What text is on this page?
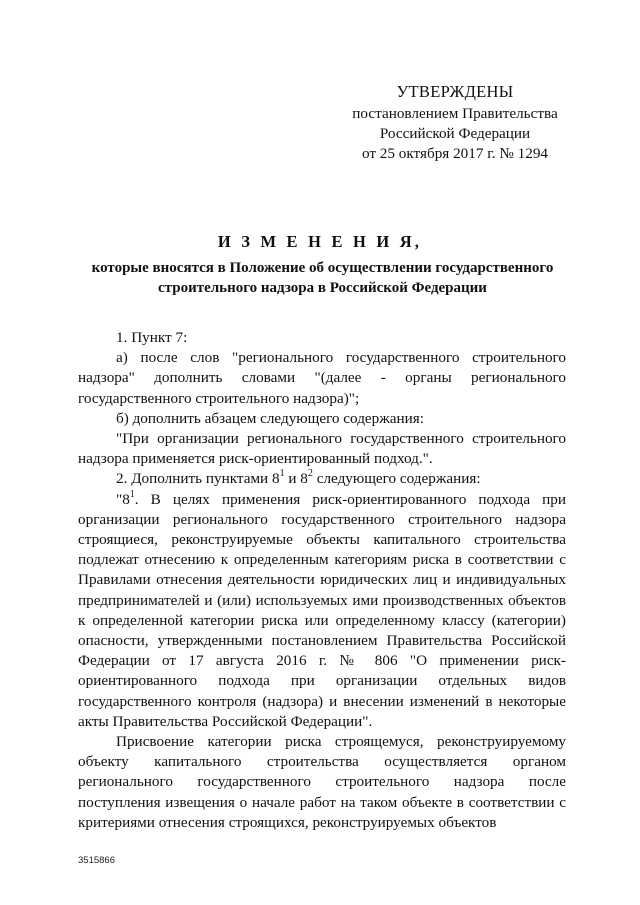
УТВЕРЖДЕНЫ
постановлением Правительства
Российской Федерации
от 25 октября 2017 г. № 1294
И З М Е Н Е Н И Я,
которые вносятся в Положение об осуществлении государственного строительного надзора в Российской Федерации

1. Пункт 7:

а) после слов "регионального государственного строительного надзора" дополнить словами "(далее - органы регионального государственного строительного надзора)";

б) дополнить абзацем следующего содержания:

"При организации регионального государственного строительного надзора применяется риск-ориентированный подход.".

2. Дополнить пунктами $8^1$ и $8^2$ следующего содержания:

"$8^1$. В целях применения риск-ориентированного подхода при организации регионального государственного строительного надзора строящиеся, реконструируемые объекты капитального строительства подлежат отнесению к определенным категориям риска в соответствии с Правилами отнесения деятельности юридических лиц и индивидуальных предпринимателей и (или) используемых ими производственных объектов к определенной категории риска или определенному классу (категории) опасности, утвержденными постановлением Правительства Российской Федерации от 17 августа 2016 г. № 806 "О применении риск-ориентированного подхода при организации отдельных видов государственного контроля (надзора) и внесении изменений в некоторые акты Правительства Российской Федерации".

Присвоение категории риска строящемуся, реконструируемому объекту капитального строительства осуществляется органом регионального государственного строительного надзора после поступления извещения о начале работ на таком объекте в соответствии с критериями отнесения строящихся, реконструируемых объектов

3515866
